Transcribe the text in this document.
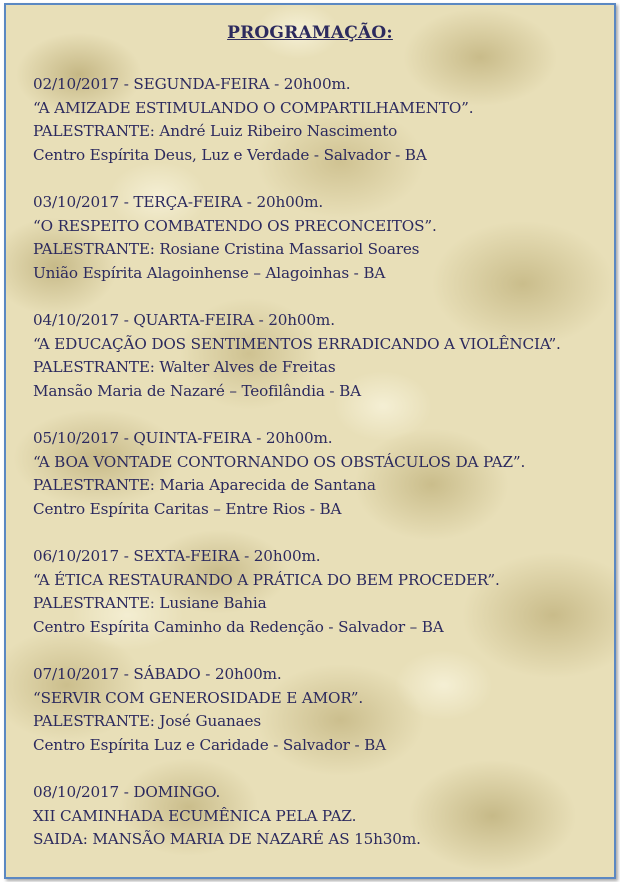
PROGRAMAÇÃO:
02/10/2017 - SEGUNDA-FEIRA - 20h00m.
“A AMIZADE ESTIMULANDO O COMPARTILHAMENTO”.
PALESTRANTE: André Luiz Ribeiro Nascimento
Centro Espírita Deus, Luz e Verdade - Salvador - BA
03/10/2017 - TERÇA-FEIRA - 20h00m.
“O RESPEITO COMBATENDO OS PRECONCEITOS”.
PALESTRANTE: Rosiane Cristina Massariol Soares
União Espírita Alagoinhense – Alagoinhas - BA
04/10/2017 - QUARTA-FEIRA - 20h00m.
“A EDUCAÇÃO DOS SENTIMENTOS ERRADICANDO A VIOLÊNCIA”.
PALESTRANTE: Walter Alves de Freitas
Mansão Maria de Nazaré – Teofilândia - BA
05/10/2017 - QUINTA-FEIRA - 20h00m.
“A BOA VONTADE CONTORNANDO OS OBSTÁCULOS DA PAZ”.
PALESTRANTE: Maria Aparecida de Santana
Centro Espírita Caritas – Entre Rios - BA
06/10/2017 - SEXTA-FEIRA - 20h00m.
“A ÉTICA RESTAURANDO A PRÁTICA DO BEM PROCEDER”.
PALESTRANTE: Lusiane Bahia
Centro Espírita Caminho da Redenção - Salvador – BA
07/10/2017 - SÁBADO - 20h00m.
“SERVIR COM GENEROSIDADE E AMOR”.
PALESTRANTE: José Guanaes
Centro Espírita Luz e Caridade - Salvador - BA
08/10/2017 - DOMINGO.
XII CAMINHADA ECUMÊNICA PELA PAZ.
SAIDA: MANSÃO MARIA DE NAZARÉ AS 15h30m.
